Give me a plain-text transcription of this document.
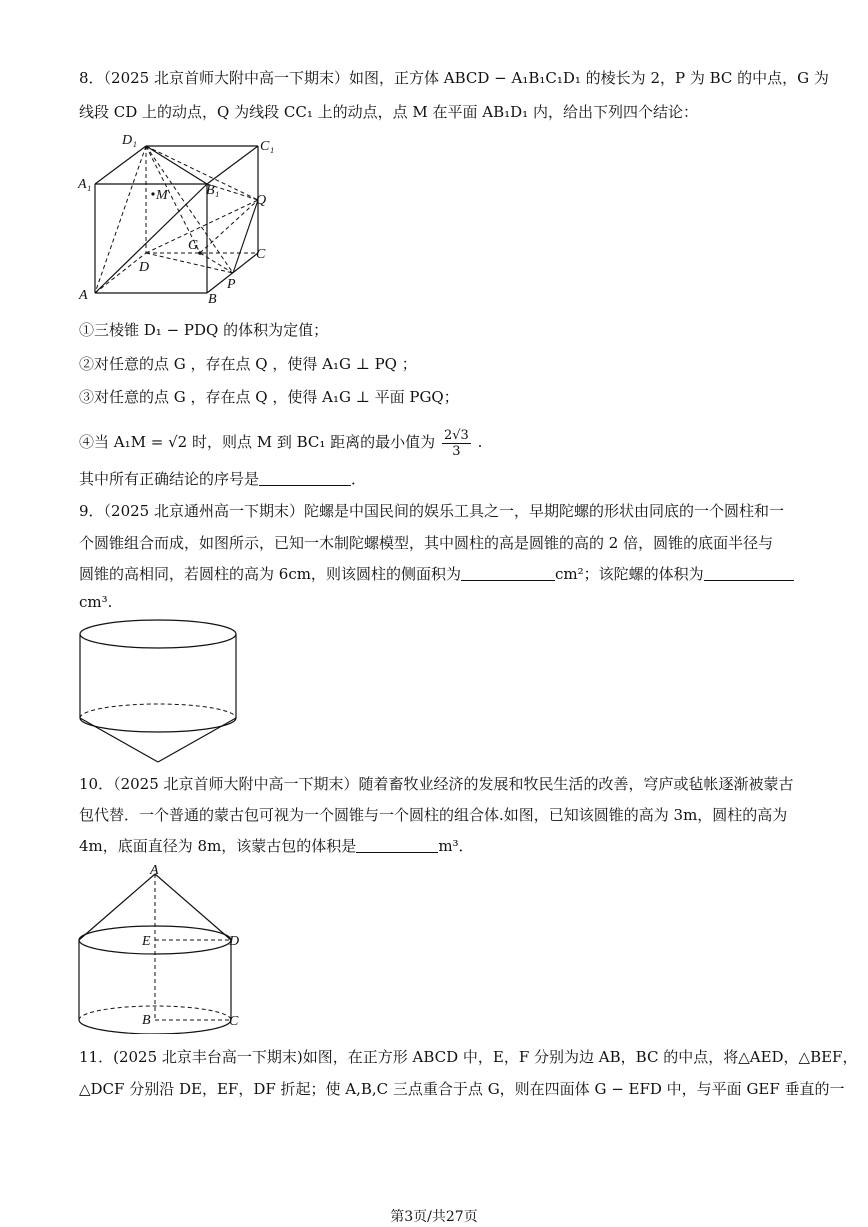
8．（2025 北京首师大附中高一下期末）如图，正方体 ABCD − A₁B₁C₁D₁ 的棱长为 2，P 为 BC 的中点，G 为
线段 CD 上的动点，Q 为线段 CC₁ 上的动点，点 M 在平面 AB₁D₁ 内，给出下列四个结论：
D₁	C₁
A₁	B₁
M	Q
G
C
D
A	B
P
①三棱锥 D₁ − PDQ 的体积为定值；
②对任意的点 G ，存在点 Q ，使得 A₁G ⊥ PQ ；
③对任意的点 G ，存在点 Q ，使得 A₁G ⊥ 平面 PGQ；
④当 A₁M = √2 时，则点 M 到 BC₁ 距离的最小值为 $\frac{2√3}{3}$ .
其中所有正确结论的序号是	．
9．（2025 北京通州高一下期末）陀螺是中国民间的娱乐工具之一，早期陀螺的形状由同底的一个圆柱和一
个圆锥组合而成，如图所示，已知一木制陀螺模型，其中圆柱的高是圆锥的高的 2 倍，圆锥的底面半径与
圆锥的高相同，若圆柱的高为 6cm，则该圆柱的侧面积为	cm²；该陀螺的体积为
cm³.
10．（2025 北京首师大附中高一下期末）随着畜牧业经济的发展和牧民生活的改善，穹庐或毡帐逐渐被蒙古
包代替．一个普通的蒙古包可视为一个圆锥与一个圆柱的组合体.如图，已知该圆锥的高为 3m，圆柱的高为
4m，底面直径为 8m，该蒙古包的体积是	m³．
A
E	D
B	C
11．(2025 北京丰台高一下期末)如图，在正方形 ABCD 中，E，F 分别为边 AB，BC 的中点，将△AED，△BEF，
△DCF 分别沿 DE，EF，DF 折起；使 A,B,C 三点重合于点 G，则在四面体 G − EFD 中，与平面 GEF 垂直的一
第3页/共27页
